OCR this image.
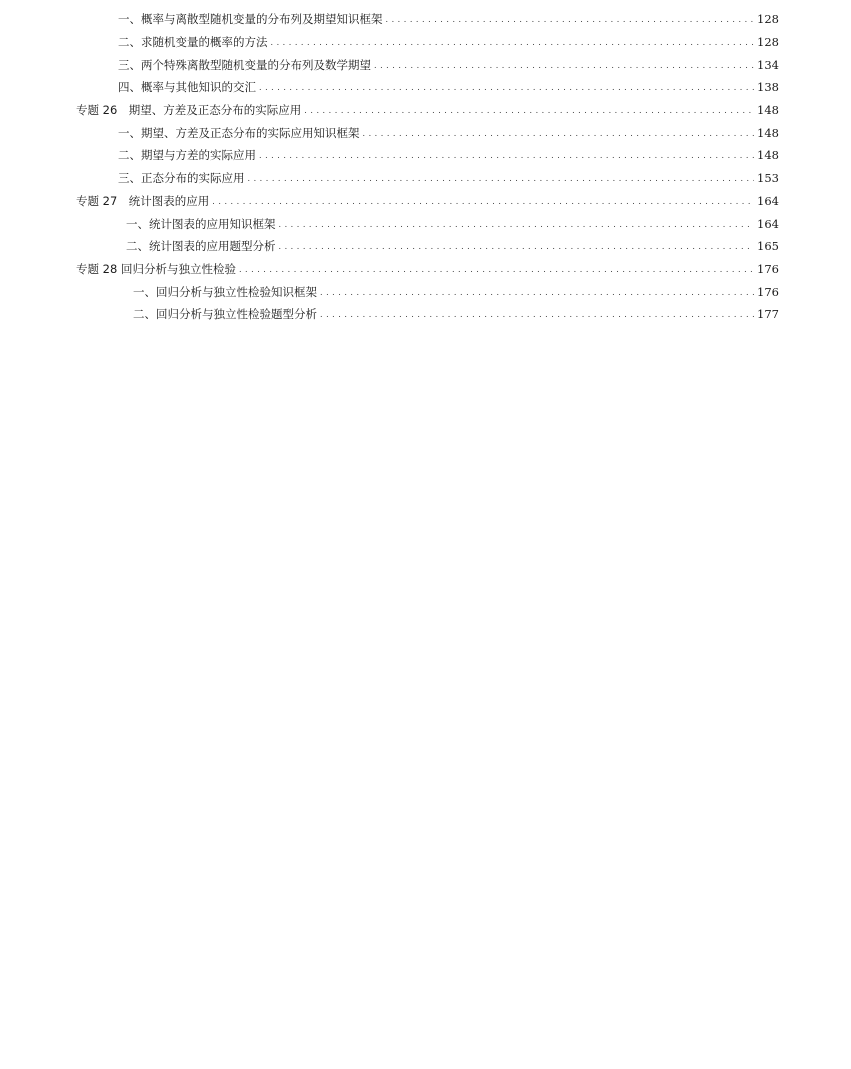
一、概率与离散型随机变量的分布列及期望知识框架 . . .	128
二、求随机变量的概率的方法 . . .	128
三、两个特殊离散型随机变量的分布列及数学期望 . . .	134
四、概率与其他知识的交汇 . . .	138
专题 26　期望、方差及正态分布的实际应用 . . .	148
一、期望、方差及正态分布的实际应用知识框架 . . .	148
二、期望与方差的实际应用 . . .	148
三、正态分布的实际应用 . . .	153
专题 27　统计图表的应用 . . .	164
一、统计图表的应用知识框架 . . .	164
二、统计图表的应用题型分析 . . .	165
专题 28 回归分析与独立性检验 . . .	176
一、回归分析与独立性检验知识框架 . . .	176
二、回归分析与独立性检验题型分析 . . .	177
